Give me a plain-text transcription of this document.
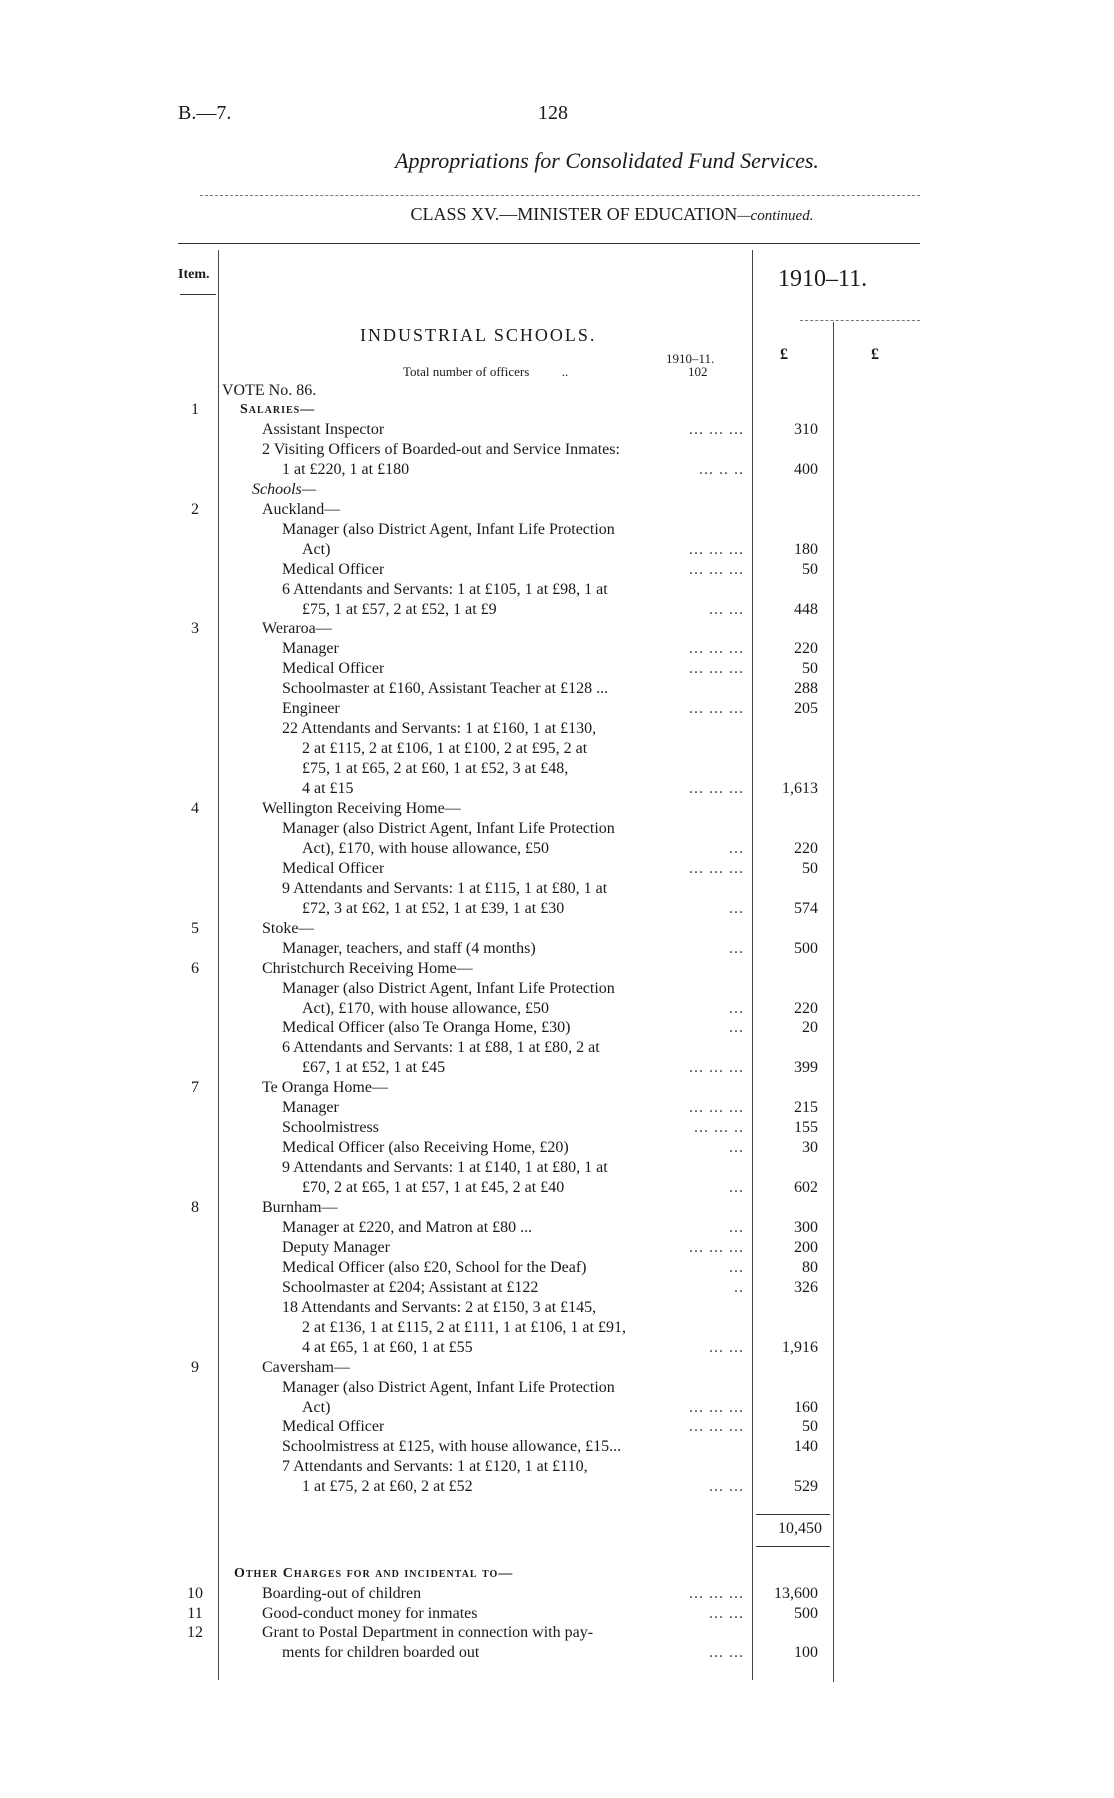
B.—7.	128
Appropriations for Consolidated Fund Services.
CLASS XV.—MINISTER OF EDUCATION—continued.
Item.	1910–11.
£	£
INDUSTRIAL SCHOOLS.
1910–11.
Total number of officers	..	102
VOTE No. 86.
1	Salaries—
Assistant Inspector	... ... ...	310
2 Visiting Officers of Boarded-out and Service Inmates:
1 at £220, 1 at £180	... .. ..	400
Schools—
2	Auckland—
Manager (also District Agent, Infant Life Protection
Act)	... ... ...	180
Medical Officer	... ... ...	50
6 Attendants and Servants: 1 at £105, 1 at £98, 1 at
£75, 1 at £57, 2 at £52, 1 at £9	... ...	448
3	Weraroa—
Manager	... ... ...	220
Medical Officer	... ... ...	50
Schoolmaster at £160, Assistant Teacher at £128 ...	288
Engineer	... ... ...	205
22 Attendants and Servants: 1 at £160, 1 at £130,
2 at £115, 2 at £106, 1 at £100, 2 at £95, 2 at
£75, 1 at £65, 2 at £60, 1 at £52, 3 at £48,
4 at £15	... ... ... 1,613
4	Wellington Receiving Home—
Manager (also District Agent, Infant Life Protection
Act), £170, with house allowance, £50	...	220
Medical Officer	... ... ...	50
9 Attendants and Servants: 1 at £115, 1 at £80, 1 at
£72, 3 at £62, 1 at £52, 1 at £39, 1 at £30	...	574
5	Stoke—
Manager, teachers, and staff (4 months)	...	500
6	Christchurch Receiving Home—
Manager (also District Agent, Infant Life Protection
Act), £170, with house allowance, £50	...	220
Medical Officer (also Te Oranga Home, £30)	...	20
6 Attendants and Servants: 1 at £88, 1 at £80, 2 at
£67, 1 at £52, 1 at £45	... ... ...	399
7	Te Oranga Home—
Manager	... ... ...	215
Schoolmistress	... ... ..	155
Medical Officer (also Receiving Home, £20)	...	30
9 Attendants and Servants: 1 at £140, 1 at £80, 1 at
£70, 2 at £65, 1 at £57, 1 at £45, 2 at £40	...	602
8	Burnham—
Manager at £220, and Matron at £80 ...	...	300
Deputy Manager	... ... ...	200
Medical Officer (also £20, School for the Deaf)	...	80
Schoolmaster at £204; Assistant at £122	..	326
18 Attendants and Servants: 2 at £150, 3 at £145,
2 at £136, 1 at £115, 2 at £111, 1 at £106, 1 at £91,
4 at £65, 1 at £60, 1 at £55	... ... 1,916
9	Caversham—
Manager (also District Agent, Infant Life Protection
Act)	... ... ...	160
Medical Officer	... ... ...	50
Schoolmistress at £125, with house allowance, £15...	140
7 Attendants and Servants: 1 at £120, 1 at £110,
1 at £75, 2 at £60, 2 at £52	... ...	529
10,450
Other Charges for and incidental to—
10	Boarding-out of children	... ... ... 13,600
11	Good-conduct money for inmates	... ...	500
12	Grant to Postal Department in connection with pay-
ments for children boarded out	... ...	100
